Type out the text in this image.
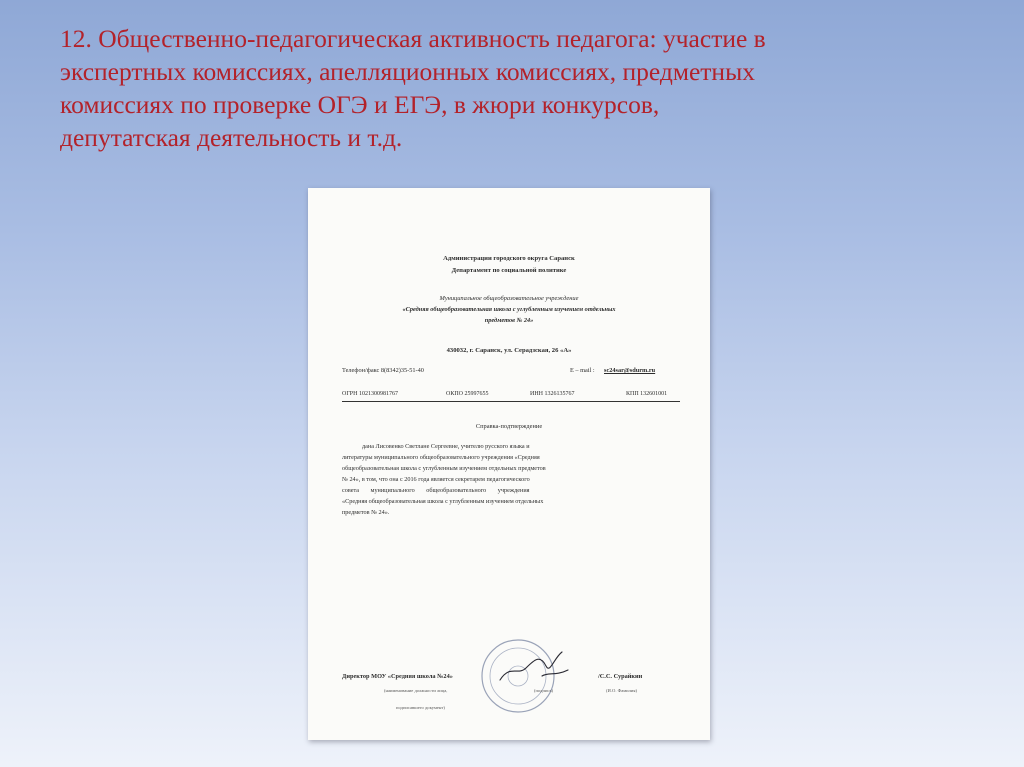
12. Общественно-педагогическая активность педагога: участие в
экспертных комиссиях, апелляционных комиссиях, предметных
комиссиях по проверке ОГЭ и ЕГЭ, в жюри конкурсов,
депутатская деятельность и т.д.
Администрации городского округа Саранск
Департамент по социальной политике
Муниципальное общеобразовательное учреждение
«Средняя общеобразовательная школа с углубленным изучением отдельных
предметов № 24»
430032, г. Саранск, ул. Серадзская, 26 «А»
Телефон/факс 8(8342)35-51-40	E – mail : sc24sar@sdurm.ru
ОГРН 1021300981767	ОКПО 25997655	ИНН 1326135767	КПП 132601001
Справка-подтверждение
дана Лисовенко Светлане Сергеевне, учителю русского языка и
литературы муниципального общеобразовательного учреждения «Средняя
общеобразовательная школа с углубленным изучением отдельных предметов
№ 24», в том, что она с 2016 года является секретарем педагогического
совета муниципального общеобразовательного учреждения
«Средняя общеобразовательная школа с углубленным изучением отдельных
предметов № 24».
Директор МОУ «Средняя школа №24»	/С.С. Сурайкин
(наименование должности лица,	(подпись)	(И.О. Фамилия)
подписавшего документ)
